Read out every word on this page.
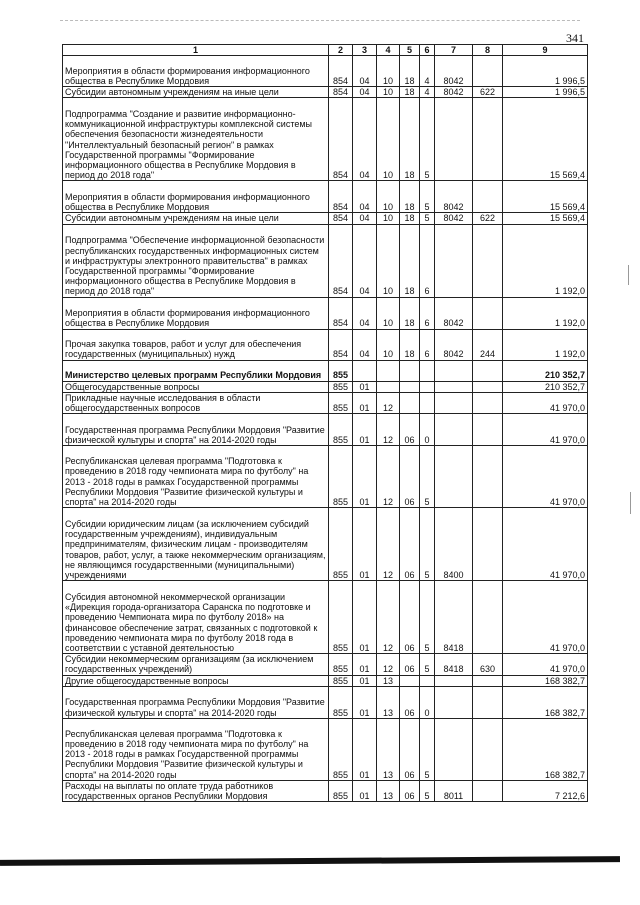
341
1	2	3	4	5	6	7	8	9
Мероприятия в области формирования информационного общества в Республике Мордовия	854	04	10	18	4	8042		1 996,5
Субсидии автономным учреждениям на иные цели	854	04	10	18	4	8042	622	1 996,5
Подпрограмма "Создание и развитие информационно-коммуникационной инфраструктуры комплексной системы обеспечения безопасности жизнедеятельности "Интеллектуальный безопасный регион" в рамках Государственной программы "Формирование информационного общества в Республике Мордовия в период до 2018 года"	854	04	10	18	5			15 569,4
Мероприятия в области формирования информационного общества в Республике Мордовия	854	04	10	18	5	8042		15 569,4
Субсидии автономным учреждениям на иные цели	854	04	10	18	5	8042	622	15 569,4
Подпрограмма "Обеспечение информационной безопасности республиканских государственных информационных систем и инфраструктуры электронного правительства" в рамках Государственной программы "Формирование информационного общества в Республике Мордовия в период до 2018 года"	854	04	10	18	6			1 192,0
Мероприятия в области формирования информационного общества в Республике Мордовия	854	04	10	18	6	8042		1 192,0
Прочая закупка товаров, работ и услуг для обеспечения государственных (муниципальных) нужд	854	04	10	18	6	8042	244	1 192,0
Министерство целевых программ Республики Мордовия	855							210 352,7
Общегосударственные вопросы	855	01						210 352,7
Прикладные научные исследования в области общегосударственных вопросов	855	01	12					41 970,0
Государственная программа Республики Мордовия "Развитие физической культуры и спорта" на 2014-2020 годы	855	01	12	06	0			41 970,0
Республиканская целевая программа "Подготовка к проведению в 2018 году чемпионата мира по футболу" на 2013 - 2018 годы в рамках Государственной программы Республики Мордовия "Развитие физической культуры и спорта" на 2014-2020 годы	855	01	12	06	5			41 970,0
Субсидии юридическим лицам (за исключением субсидий государственным учреждениям), индивидуальным предпринимателям, физическим лицам - производителям товаров, работ, услуг, а также некоммерческим организациям, не являющимся государственными (муниципальными) учреждениями	855	01	12	06	5	8400		41 970,0
Субсидия автономной некоммерческой организации «Дирекция города-организатора Саранска по подготовке и проведению Чемпионата мира по футболу 2018» на финансовое обеспечение затрат, связанных с подготовкой к проведению чемпионата мира по футболу 2018 года в соответствии с уставной деятельностью	855	01	12	06	5	8418		41 970,0
Субсидии некоммерческим организациям (за исключением государственных учреждений)	855	01	12	06	5	8418	630	41 970,0
Другие общегосударственные вопросы	855	01	13					168 382,7
Государственная программа Республики Мордовия "Развитие физической культуры и спорта" на 2014-2020 годы	855	01	13	06	0			168 382,7
Республиканская целевая программа "Подготовка к проведению в 2018 году чемпионата мира по футболу" на 2013 - 2018 годы в рамках Государственной программы Республики Мордовия "Развитие физической культуры и спорта" на 2014-2020 годы	855	01	13	06	5			168 382,7
Расходы на выплаты по оплате труда работников государственных органов Республики Мордовия	855	01	13	06	5	8011		7 212,6
